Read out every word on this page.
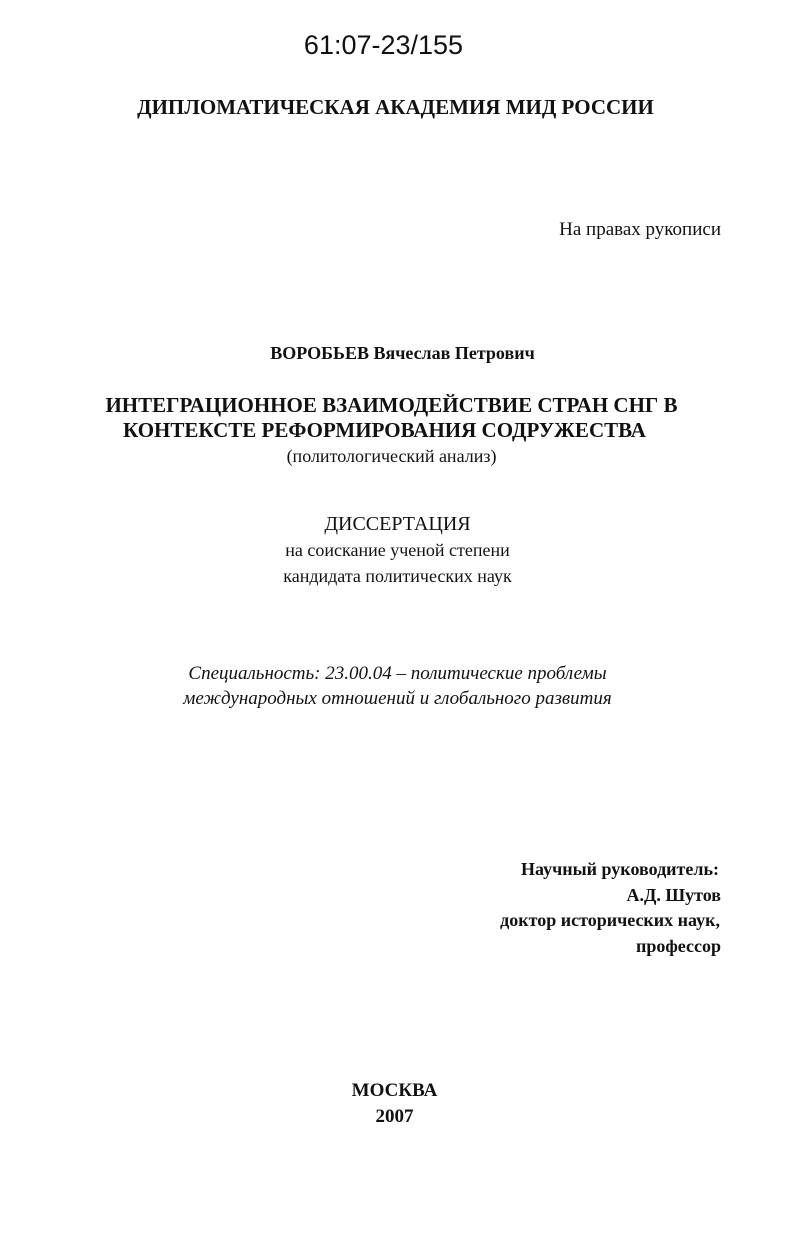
61:07-23/155
ДИПЛОМАТИЧЕСКАЯ АКАДЕМИЯ МИД РОССИИ
На правах рукописи
ВОРОБЬЕВ Вячеслав Петрович
ИНТЕГРАЦИОННОЕ ВЗАИМОДЕЙСТВИЕ СТРАН СНГ В
КОНТЕКСТЕ РЕФОРМИРОВАНИЯ СОДРУЖЕСТВА
(политологический анализ)
ДИССЕРТАЦИЯ
на соискание ученой степени
кандидата политических наук
Специальность: 23.00.04 – политические проблемы
международных отношений и глобального развития
Научный руководитель:
А.Д. Шутов
доктор исторических наук,
профессор
МОСКВА
2007
